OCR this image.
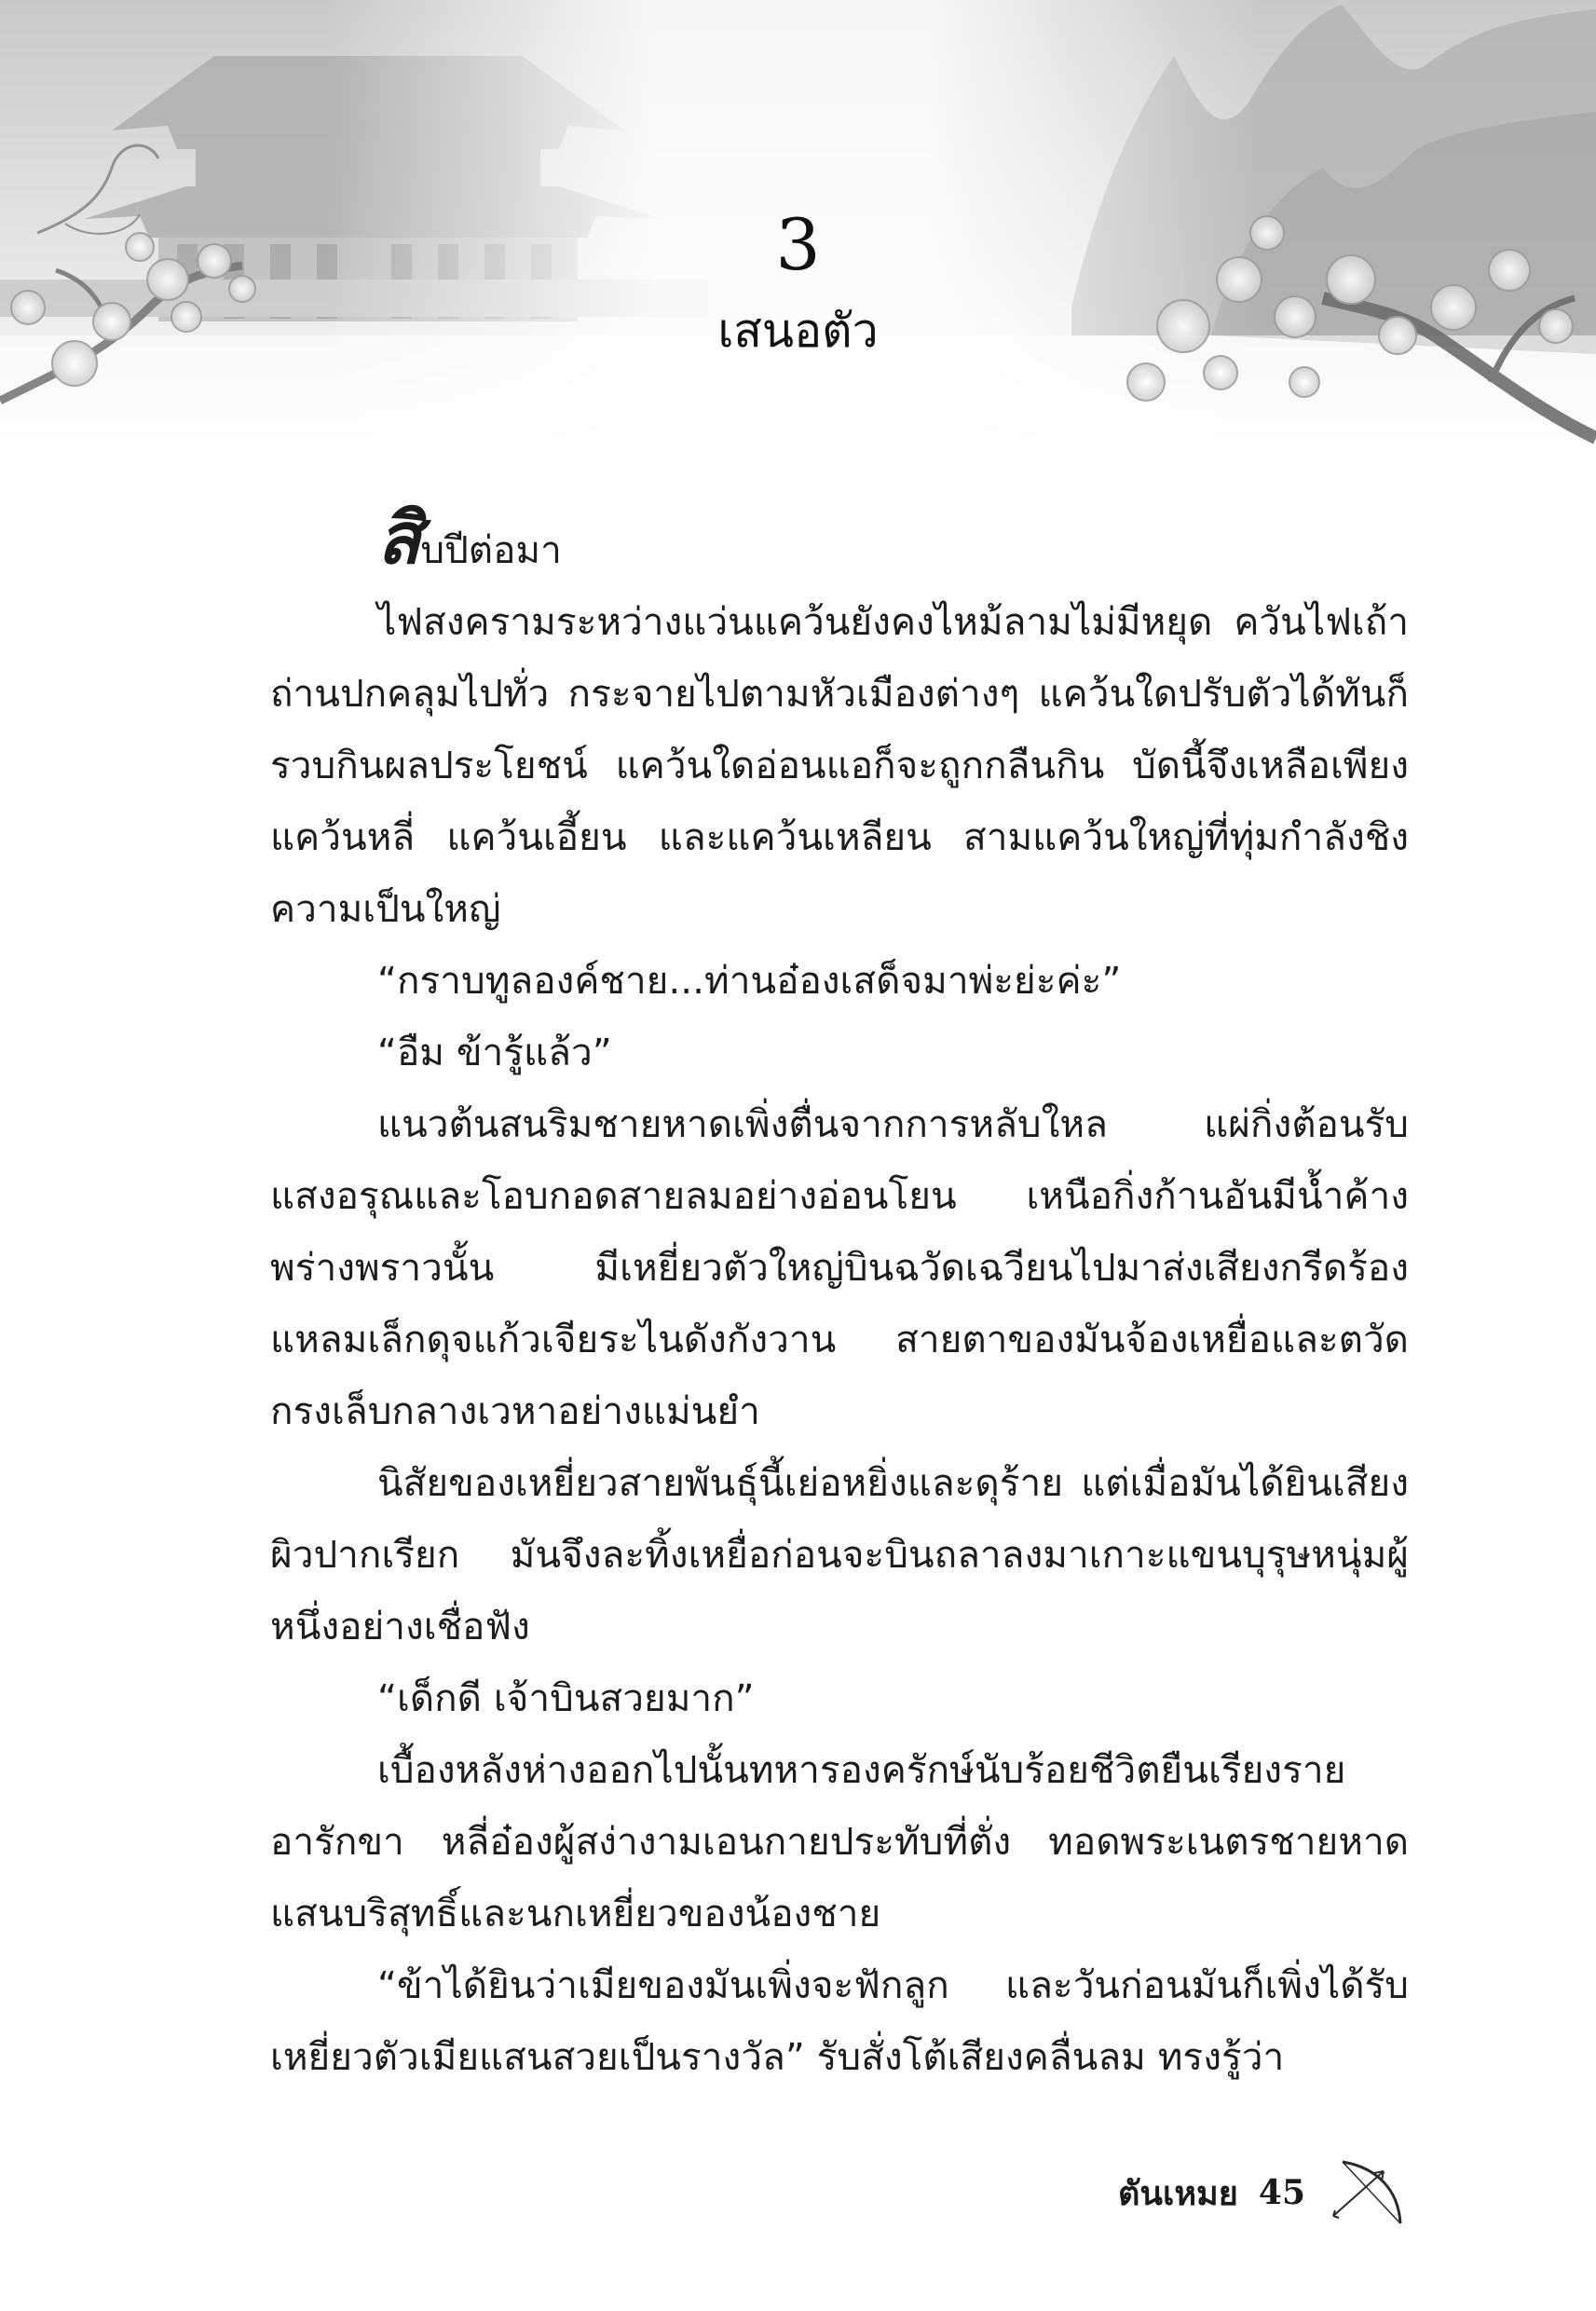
3
เสนอตัว

สิบปีต่อมา

ไฟสงครามระหว่างแว่นแคว้นยังคงไหม้ลามไม่มีหยุด ควันไฟเถ้าถ่านปกคลุมไปทั่ว กระจายไปตามหัวเมืองต่างๆ แคว้นใดปรับตัวได้ทันก็รวบกินผลประโยชน์ แคว้นใดอ่อนแอก็จะถูกกลืนกิน บัดนี้จึงเหลือเพียงแคว้นหลี่ แคว้นเอี้ยน และแคว้นเหลียน สามแคว้นใหญ่ที่ทุ่มกำลังชิงความเป็นใหญ่

“กราบทูลองค์ชาย...ท่านอ๋องเสด็จมาพ่ะย่ะค่ะ”

“อืม ข้ารู้แล้ว”

แนวต้นสนริมชายหาดเพิ่งตื่นจากการหลับใหล แผ่กิ่งต้อนรับแสงอรุณและโอบกอดสายลมอย่างอ่อนโยน เหนือกิ่งก้านอันมีน้ำค้างพร่างพราวนั้น มีเหยี่ยวตัวใหญ่บินฉวัดเฉวียนไปมาส่งเสียงกรีดร้องแหลมเล็กดุจแก้วเจียระไนดังกังวาน สายตาของมันจ้องเหยื่อและตวัดกรงเล็บกลางเวหาอย่างแม่นยำ

นิสัยของเหยี่ยวสายพันธุ์นี้เย่อหยิ่งและดุร้าย แต่เมื่อมันได้ยินเสียงผิวปากเรียก มันจึงละทิ้งเหยื่อก่อนจะบินถลาลงมาเกาะแขนบุรุษหนุ่มผู้หนึ่งอย่างเชื่อฟัง

“เด็กดี เจ้าบินสวยมาก”

เบื้องหลังห่างออกไปนั้นทหารองครักษ์นับร้อยชีวิตยืนเรียงรายอารักขา หลี่อ๋องผู้สง่างามเอนกายประทับที่ตั่ง ทอดพระเนตรชายหาดแสนบริสุทธิ์และนกเหยี่ยวของน้องชาย

“ข้าได้ยินว่าเมียของมันเพิ่งจะฟักลูก และวันก่อนมันก็เพิ่งได้รับเหยี่ยวตัวเมียแสนสวยเป็นรางวัล” รับสั่งโต้เสียงคลื่นลม ทรงรู้ว่า

ตันเหมย 45
